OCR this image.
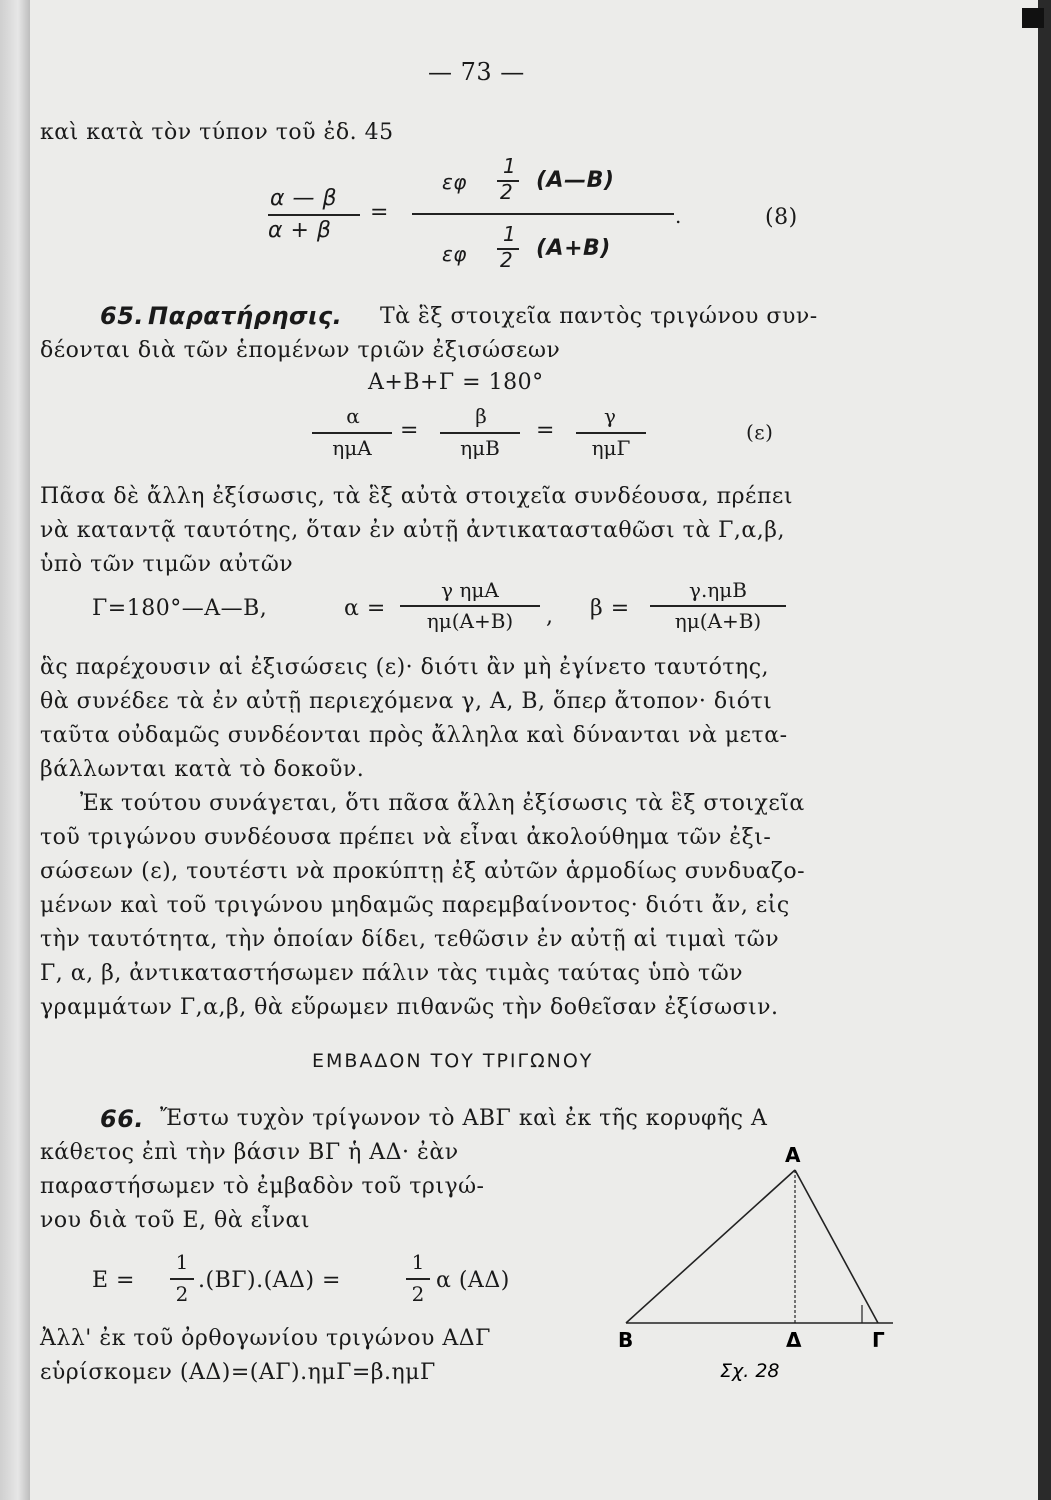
— 73 —
καὶ κατὰ τὸν τύπον τοῦ ἐδ. 45
α — β
α + β
=
εφ
1
2 (Α—Β)
.
εφ
1
2 (Α+Β)
(8)
65. Παρατήρησις. Τὰ ἓξ στοιχεῖα παντὸς τριγώνου συν-
δέονται διὰ τῶν ἑπομένων τριῶν ἐξισώσεων
Α+Β+Γ = 180°
α
ημΑ
=
β
ημΒ
=
γ
ημΓ
(ε)
Πᾶσα δὲ ἄλλη ἐξίσωσις, τὰ ἓξ αὐτὰ στοιχεῖα συνδέουσα, πρέπει
νὰ καταντᾷ ταυτότης, ὅταν ἐν αὐτῇ ἀντικατασταθῶσι τὰ Γ,α,β,
ὑπὸ τῶν τιμῶν αὐτῶν
Γ=180°—Α—Β,	α =
γ ημΑ
ημ(Α+Β)	, β =
γ.ημΒ
ημ(Α+Β)
ἃς παρέχουσιν αἱ ἐξισώσεις (ε)· διότι ἂν μὴ ἐγίνετο ταυτότης,
θὰ συνέδεε τὰ ἐν αὐτῇ περιεχόμενα γ, Α, Β, ὅπερ ἄτοπον· διότι
ταῦτα οὐδαμῶς συνδέονται πρὸς ἄλληλα καὶ δύνανται νὰ μετα-
βάλλωνται κατὰ τὸ δοκοῦν.
Ἐκ τούτου συνάγεται, ὅτι πᾶσα ἄλλη ἐξίσωσις τὰ ἓξ στοιχεῖα
τοῦ τριγώνου συνδέουσα πρέπει νὰ εἶναι ἀκολούθημα τῶν ἐξι-
σώσεων (ε), τουτέστι νὰ προκύπτῃ ἐξ αὐτῶν ἁρμοδίως συνδυαζο-
μένων καὶ τοῦ τριγώνου μηδαμῶς παρεμβαίνοντος· διότι ἄν, εἰς
τὴν ταυτότητα, τὴν ὁποίαν δίδει, τεθῶσιν ἐν αὐτῇ αἱ τιμαὶ τῶν
Γ, α, β, ἀντικαταστήσωμεν πάλιν τὰς τιμὰς ταύτας ὑπὸ τῶν
γραμμάτων Γ,α,β, θὰ εὕρωμεν πιθανῶς τὴν δοθεῖσαν ἐξίσωσιν.
ΕΜΒΑΔΟΝ ΤΟΥ ΤΡΙΓΩΝΟΥ
66. Ἔστω τυχὸν τρίγωνον τὸ ΑΒΓ καὶ ἐκ τῆς κορυφῆς Α
κάθετος ἐπὶ τὴν βάσιν ΒΓ ἡ ΑΔ· ἐὰν
παραστήσωμεν τὸ ἐμβαδὸν τοῦ τριγώ-
νου διὰ τοῦ Ε, θὰ εἶναι
Ε =
1
2
.(ΒΓ).(ΑΔ) =
1
2
α (ΑΔ)
Ἀλλ' ἐκ τοῦ ὀρθογωνίου τριγώνου ΑΔΓ
εὑρίσκομεν (ΑΔ)=(ΑΓ).ημΓ=β.ημΓ
Α
Β	Δ	Γ
Σχ. 28
